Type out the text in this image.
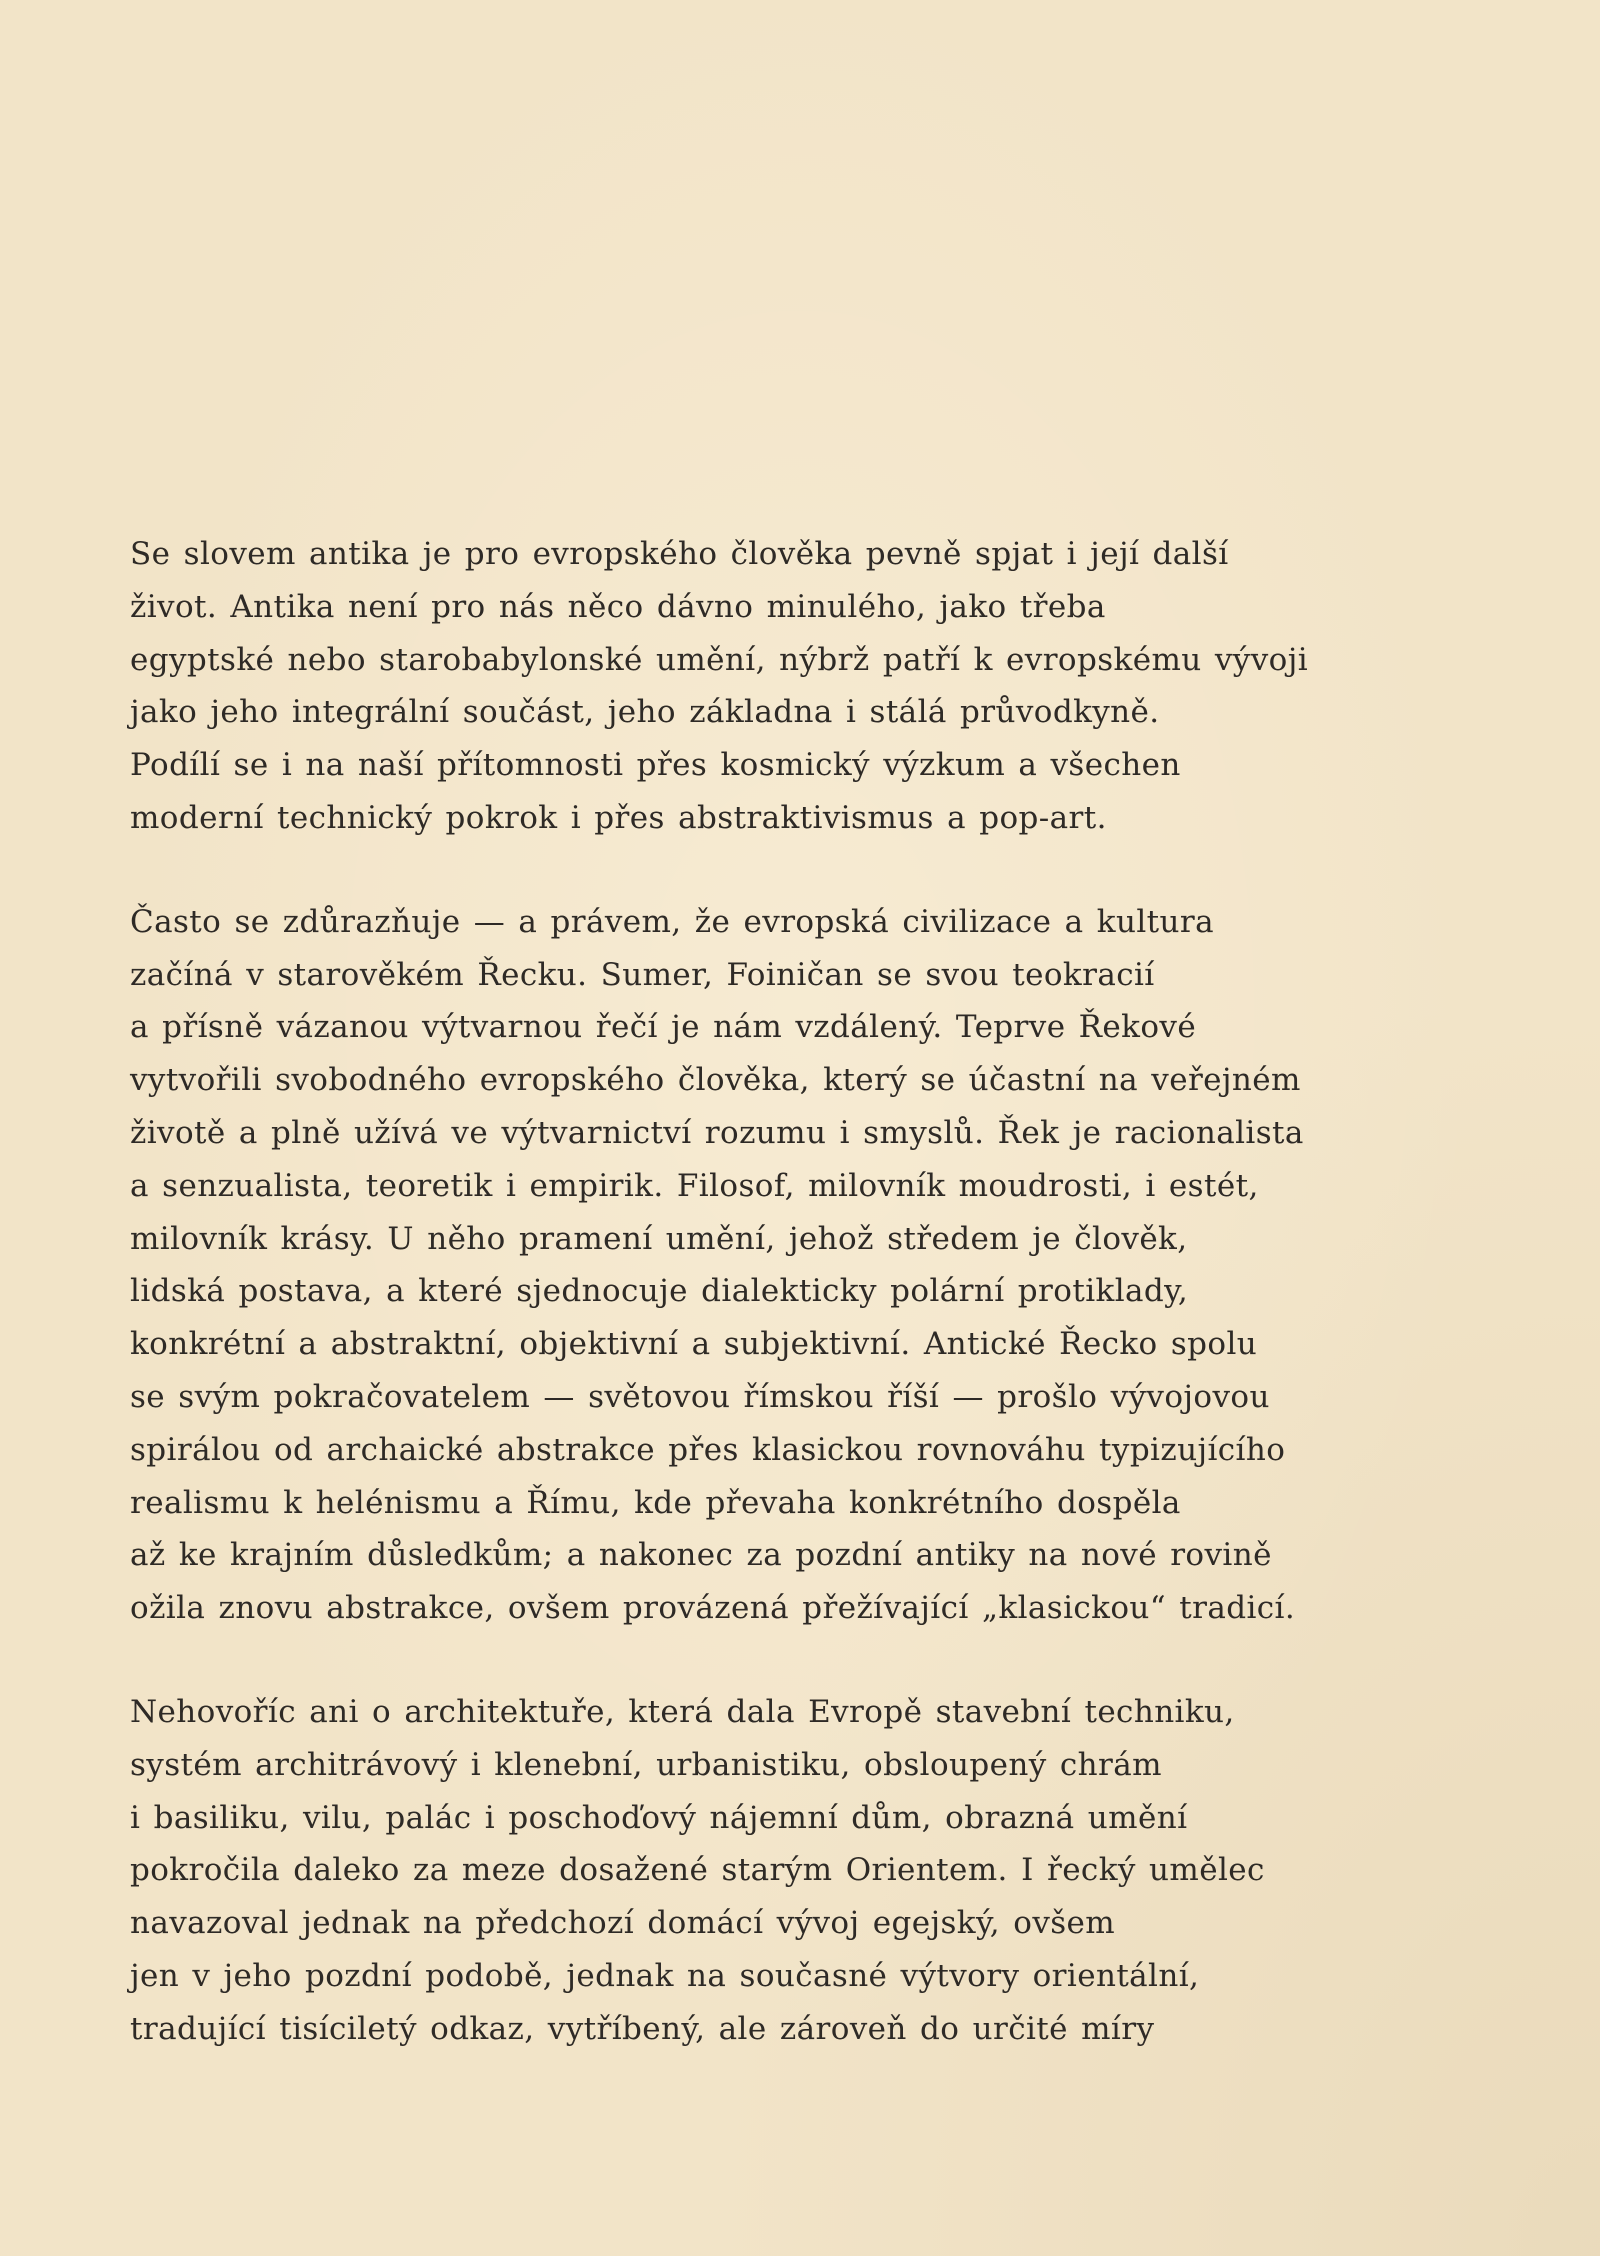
Se slovem antika je pro evropského člověka pevně spjat i její další
život. Antika není pro nás něco dávno minulého, jako třeba
egyptské nebo starobabylonské umění, nýbrž patří k evropskému vývoji
jako jeho integrální součást, jeho základna i stálá průvodkyně.
Podílí se i na naší přítomnosti přes kosmický výzkum a všechen
moderní technický pokrok i přes abstraktivismus a pop-art.
Často se zdůrazňuje — a právem, že evropská civilizace a kultura
začíná v starověkém Řecku. Sumer, Foiničan se svou teokracií
a přísně vázanou výtvarnou řečí je nám vzdálený. Teprve Řekové
vytvořili svobodného evropského člověka, který se účastní na veřejném
životě a plně užívá ve výtvarnictví rozumu i smyslů. Řek je racionalista
a senzualista, teoretik i empirik. Filosof, milovník moudrosti, i estét,
milovník krásy. U něho pramení umění, jehož středem je člověk,
lidská postava, a které sjednocuje dialekticky polární protiklady,
konkrétní a abstraktní, objektivní a subjektivní. Antické Řecko spolu
se svým pokračovatelem — světovou římskou říší — prošlo vývojovou
spirálou od archaické abstrakce přes klasickou rovnováhu typizujícího
realismu k helénismu a Římu, kde převaha konkrétního dospěla
až ke krajním důsledkům; a nakonec za pozdní antiky na nové rovině
ožila znovu abstrakce, ovšem provázená přežívající „klasickou“ tradicí.
Nehovoříc ani o architektuře, která dala Evropě stavební techniku,
systém architrávový i klenební, urbanistiku, obsloupený chrám
i basiliku, vilu, palác i poschoďový nájemní dům, obrazná umění
pokročila daleko za meze dosažené starým Orientem. I řecký umělec
navazoval jednak na předchozí domácí vývoj egejský, ovšem
jen v jeho pozdní podobě, jednak na současné výtvory orientální,
tradující tisíciletý odkaz, vytříbený, ale zároveň do určité míry
